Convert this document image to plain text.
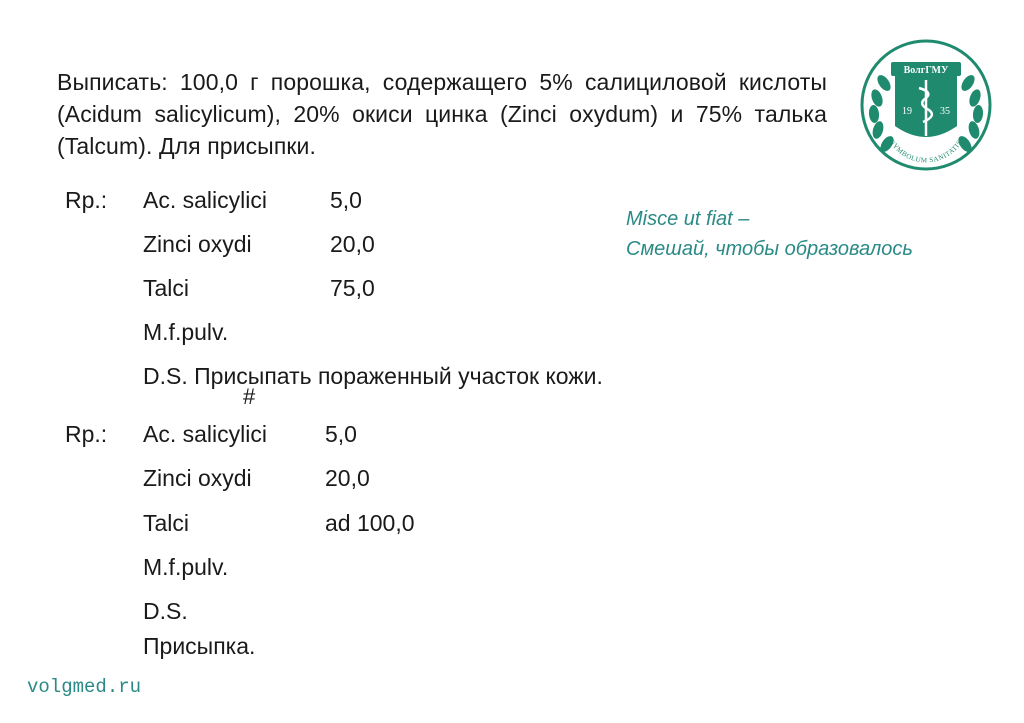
Выписать: 100,0 г порошка, содержащего 5% салициловой кислоты (Acidum salicylicum), 20% окиси цинка (Zinci oxydum) и 75% талька (Talcum). Для присыпки.
ВолгГМУ
19	35
SYMBOLUM SANITATIS
Misce ut fiat –
Смешай, чтобы образовалось
Rp.: Ac. salicylici	5,0
Zinci oxydi	20,0
Talci	75,0
M.f.pulv.
D.S. Присыпать пораженный участок кожи.
#
Rp.: Ac. salicylici	5,0
Zinci oxydi	20,0
Talci	ad 100,0
M.f.pulv.
D.S.
Присыпка.
volgmed.ru
